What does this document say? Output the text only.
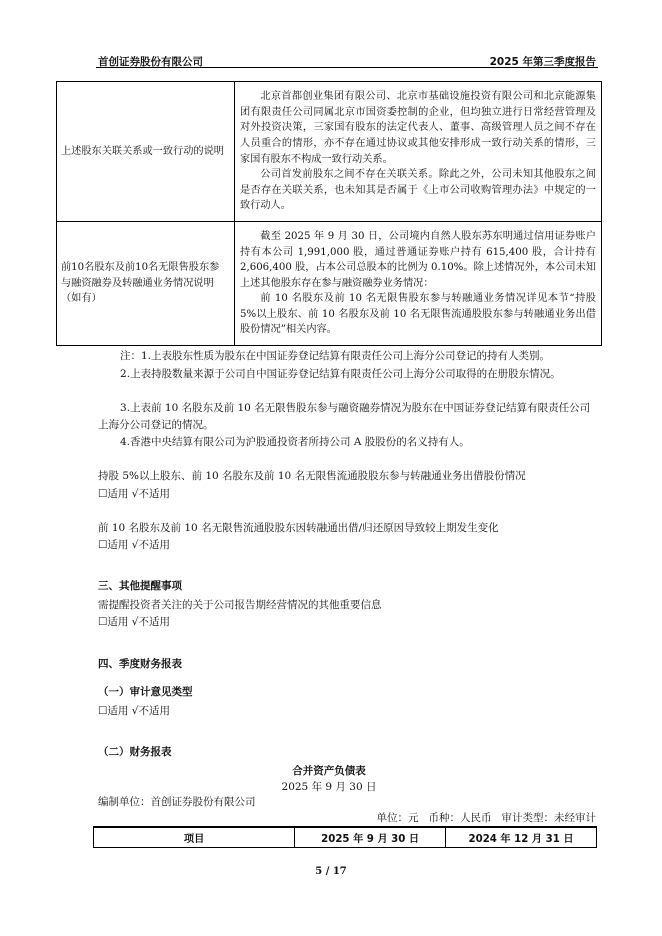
首创证券股份有限公司	2025 年第三季度报告
上述股东关联关系或一致行动的说明	北京首都创业集团有限公司、北京市基础设施投资有限公司和北京能源集团有限责任公司同属北京市国资委控制的企业，但均独立进行日常经营管理及对外投资决策，三家国有股东的法定代表人、董事、高级管理人员之间不存在人员重合的情形，亦不存在通过协议或其他安排形成一致行动关系的情形，三家国有股东不构成一致行动关系。

公司首发前股东之间不存在关联关系。除此之外，公司未知其他股东之间是否存在关联关系，也未知其是否属于《上市公司收购管理办法》中规定的一致行动人。

前10名股东及前10名无限售股东参与融资融券及转融通业务情况说明（如有）	截至 2025 年 9 月 30 日，公司境内自然人股东苏东明通过信用证券账户持有本公司 1,991,000 股，通过普通证券账户持有 615,400 股，合计持有 2,606,400 股，占本公司总股本的比例为 0.10%。除上述情况外，本公司未知上述其他股东存在参与融资融券业务情况：

前 10 名股东及前 10 名无限售股东参与转融通业务情况详见本节“持股 5%以上股东、前 10 名股东及前 10 名无限售流通股股东参与转融通业务出借股份情况”相关内容。

注：1.上表股东性质为股东在中国证券登记结算有限责任公司上海分公司登记的持有人类别。
2.上表持股数量来源于公司自中国证券登记结算有限责任公司上海分公司取得的在册股东情况。
3.上表前 10 名股东及前 10 名无限售股东参与融资融券情况为股东在中国证券登记结算有限责任公司上海分公司登记的情况。
4.香港中央结算有限公司为沪股通投资者所持公司 A 股股份的名义持有人。
持股 5%以上股东、前 10 名股东及前 10 名无限售流通股股东参与转融通业务出借股份情况
☐适用 √不适用
前 10 名股东及前 10 名无限售流通股股东因转融通出借/归还原因导致较上期发生变化
☐适用 √不适用
三、其他提醒事项
需提醒投资者关注的关于公司报告期经营情况的其他重要信息
☐适用 √不适用
四、季度财务报表
（一）审计意见类型
☐适用 √不适用
（二）财务报表
合并资产负债表
2025 年 9 月 30 日
编制单位：首创证券股份有限公司
单位：元   币种：人民币   审计类型：未经审计
项目	2025 年 9 月 30 日	2024 年 12 月 31 日
5 / 17
